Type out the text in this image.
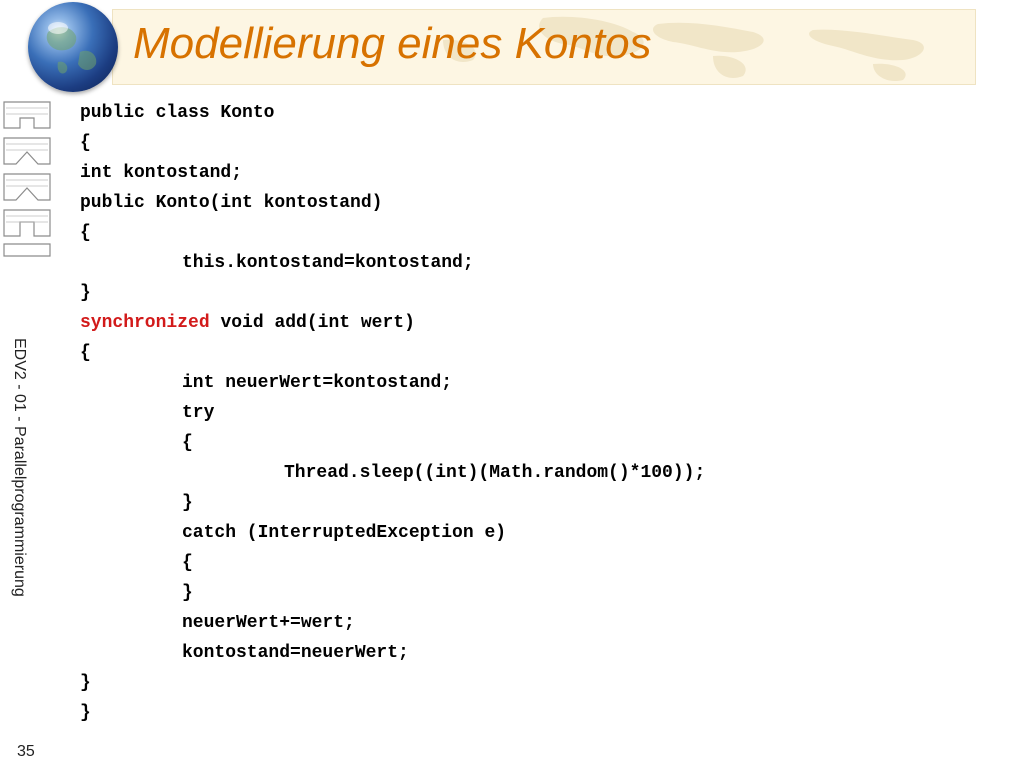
Modellierung eines Kontos
EDV2 - 01 - Parallelprogrammierung
35
public class Konto
{
int kontostand;
public Konto(int kontostand)
{
this.kontostand=kontostand;
}
synchronized void add(int wert)
{
int neuerWert=kontostand;
try
{
Thread.sleep((int)(Math.random()*100));
}
catch (InterruptedException e)
{
}
neuerWert+=wert;
kontostand=neuerWert;
}
}
